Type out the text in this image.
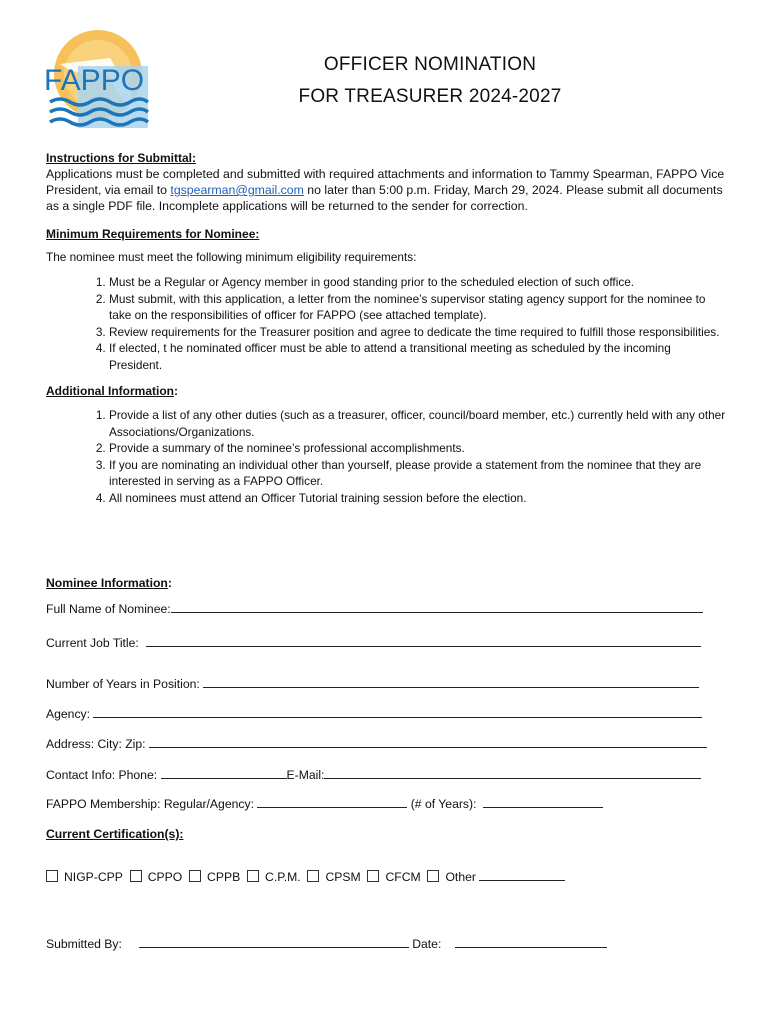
FAPPO	OFFICER NOMINATION
FOR TREASURER 2024-2027

Instructions for Submittal:

Applications must be completed and submitted with required attachments and information to Tammy Spearman, FAPPO Vice President, via email to tgspearman@gmail.com no later than 5:00 p.m. Friday, March 29, 2024. Please submit all documents as a single PDF file. Incomplete applications will be returned to the sender for correction.

Minimum Requirements for Nominee:

The nominee must meet the following minimum eligibility requirements:

1. Must be a Regular or Agency member in good standing prior to the scheduled election of such office.
2. Must submit, with this application, a letter from the nominee’s supervisor stating agency support for the nominee to take on the responsibilities of officer for FAPPO (see attached template).
3. Review requirements for the Treasurer position and agree to dedicate the time required to fulfill those responsibilities.
4. If elected, t he nominated officer must be able to attend a transitional meeting as scheduled by the incoming President.

Additional Information:

1. Provide a list of any other duties (such as a treasurer, officer, council/board member, etc.) currently held with any other Associations/Organizations.
2. Provide a summary of the nominee’s professional accomplishments.
3. If you are nominating an individual other than yourself, please provide a statement from the nominee that they are interested in serving as a FAPPO Officer.
4. All nominees must attend an Officer Tutorial training session before the election.
Nominee Information:
Full Name of Nominee:
Current Job Title:
Number of Years in Position:
Agency:
Address: City: Zip:
Contact Info: Phone:	E-Mail:
FAPPO Membership: Regular/Agency:	(# of Years):
Current Certification(s):
NIGP-CPP CPPO CPPB C.P.M. CPSM CFCM Other
Submitted By:	Date:
